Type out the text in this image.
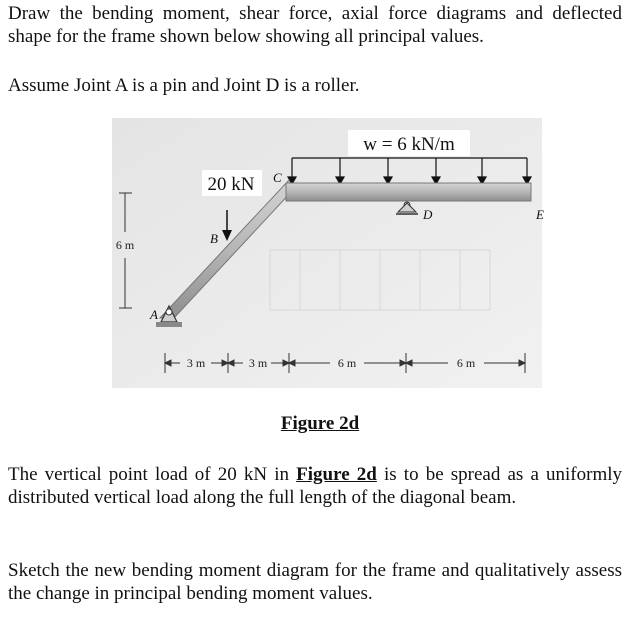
Draw the bending moment, shear force, axial force diagrams and deflected shape for the frame shown below showing all principal values.

Assume Joint A is a pin and Joint D is a roller.

w = 6 kN/m
20 kN
B
C
D	E
A
6 m
3 m	3 m	6 m	6 m
Figure 2d

The vertical point load of 20 kN in Figure 2d is to be spread as a uniformly distributed vertical load along the full length of the diagonal beam.

Sketch the new bending moment diagram for the frame and qualitatively assess the change in principal bending moment values.
